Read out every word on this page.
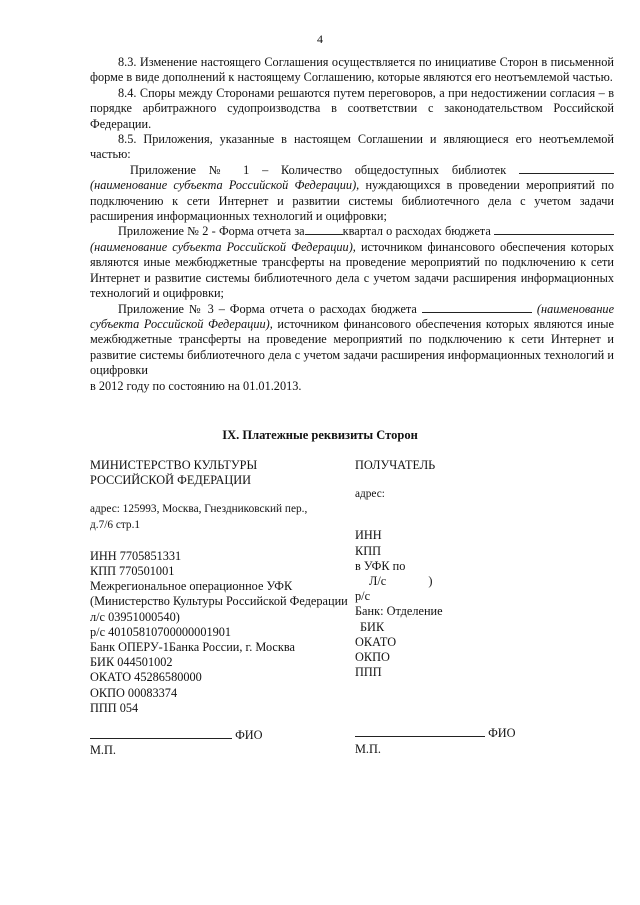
4

8.3. Изменение настоящего Соглашения осуществляется по инициативе Сторон в письменной форме в виде дополнений к настоящему Соглашению, которые являются его неотъемлемой частью.

8.4. Споры между Сторонами решаются путем переговоров, а при недостижении согласия – в порядке арбитражного судопроизводства в соответствии с законодательством Российской Федерации.

8.5. Приложения, указанные в настоящем Соглашении и являющиеся его неотъемлемой частью:

Приложение № 1 – Количество общедоступных библиотек  (наименование субъекта Российской Федерации), нуждающихся в проведении мероприятий по подключению к сети Интернет и развитии системы библиотечного дела с учетом задачи расширения информационных технологий и оцифровки;

Приложение № 2 - Форма отчета за	квартал о расходах бюджета  (наименование субъекта Российской Федерации), источником финансового обеспечения которых являются иные межбюджетные трансферты на проведение мероприятий по подключению к сети Интернет и развитие системы библиотечного дела с учетом задачи расширения информационных технологий и оцифровки;

Приложение № 3 – Форма отчета о расходах бюджета	(наименование субъекта Российской Федерации), источником финансового обеспечения которых являются иные межбюджетные трансферты на проведение мероприятий по подключению к сети Интернет и развитие системы библиотечного дела с учетом задачи расширения информационных технологий и оцифровки

в 2012 году по состоянию на 01.01.2013.

IX. Платежные реквизиты Сторон
МИНИСТЕРСТВО КУЛЬТУРЫ
РОССИЙСКОЙ ФЕДЕРАЦИИ
адрес: 125993, Москва, Гнездниковский пер.,
д.7/6 стр.1
ИНН 7705851331
КПП 770501001
Межрегиональное операционное УФК
(Министерство Культуры Российской Федерации
л/с 03951000540)
р/с 40105810700000001901
Банк ОПЕРУ-1Банка России, г. Москва
БИК 044501002
ОКАТО 45286580000
ОКПО 00083374
ППП 054
ФИО
М.П.
ПОЛУЧАТЕЛЬ
адрес:
ИНН
КПП
в УФК по
Л/с	)
р/с
Банк: Отделение
БИК
ОКАТО
ОКПО
ППП
ФИО
М.П.
